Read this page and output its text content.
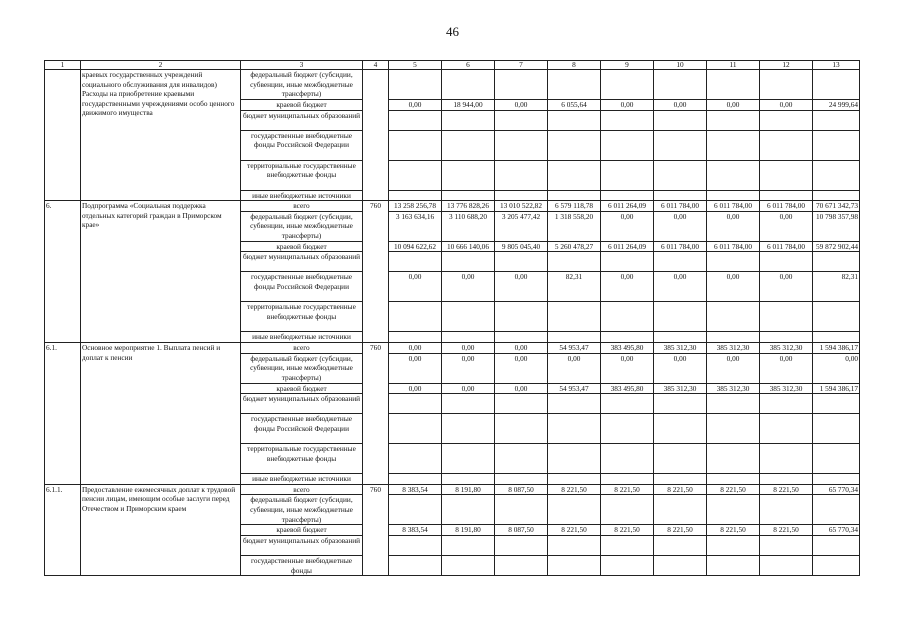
46
1	2	3	4	5	6	7	8	9	10	11	12	13
	краевых государственных учреждений социального обслуживания для инвалидов) Расходы на приобретение краевыми государственными учреждениями особо ценного движимого имущества	федеральный бюджет (субсидии, субвенции, иные межбюджетные трансферты)										
		краевой бюджет		0,00	18 944,00	0,00	6 055,64	0,00	0,00	0,00	0,00	24 999,64
		бюджет муниципальных образований										
		государственные внебюджетные фонды Российской Федерации										
		территориальные государственные внебюджетные фонды										
		иные внебюджетные источники										
6.	Подпрограмма «Социальная поддержка отдельных категорий граждан в Приморском крае»	всего	760	13 258 256,78	13 776 828,26	13 010 522,82	6 579 118,78	6 011 264,09	6 011 784,00	6 011 784,00	6 011 784,00	70 671 342,73
		федеральный бюджет (субсидии, субвенции, иные межбюджетные трансферты)		3 163 634,16	3 110 688,20	3 205 477,42	1 318 558,20	0,00	0,00	0,00	0,00	10 798 357,98
		краевой бюджет		10 094 622,62	10 666 140,06	9 805 045,40	5 260 478,27	6 011 264,09	6 011 784,00	6 011 784,00	6 011 784,00	59 872 902,44
		бюджет муниципальных образований										
		государственные внебюджетные фонды Российской Федерации		0,00	0,00	0,00	82,31	0,00	0,00	0,00	0,00	82,31
		территориальные государственные внебюджетные фонды										
		иные внебюджетные источники										
6.1.	Основное мероприятие 1. Выплата пенсий и доплат к пенсии	всего	760	0,00	0,00	0,00	54 953,47	383 495,80	385 312,30	385 312,30	385 312,30	1 594 386,17
		федеральный бюджет (субсидии, субвенции, иные межбюджетные трансферты)		0,00	0,00	0,00	0,00	0,00	0,00	0,00	0,00	0,00
		краевой бюджет		0,00	0,00	0,00	54 953,47	383 495,80	385 312,30	385 312,30	385 312,30	1 594 386,17
		бюджет муниципальных образований										
		государственные внебюджетные фонды Российской Федерации										
		территориальные государственные внебюджетные фонды										
		иные внебюджетные источники										
6.1.1.	Предоставление ежемесячных доплат к трудовой пенсии лицам, имеющим особые заслуги перед Отечеством и Приморским краем	всего	760	8 383,54	8 191,80	8 087,50	8 221,50	8 221,50	8 221,50	8 221,50	8 221,50	65 770,34
		федеральный бюджет (субсидии, субвенции, иные межбюджетные трансферты)										
		краевой бюджет		8 383,54	8 191,80	8 087,50	8 221,50	8 221,50	8 221,50	8 221,50	8 221,50	65 770,34
		бюджет муниципальных образований										
		государственные внебюджетные фонды										
